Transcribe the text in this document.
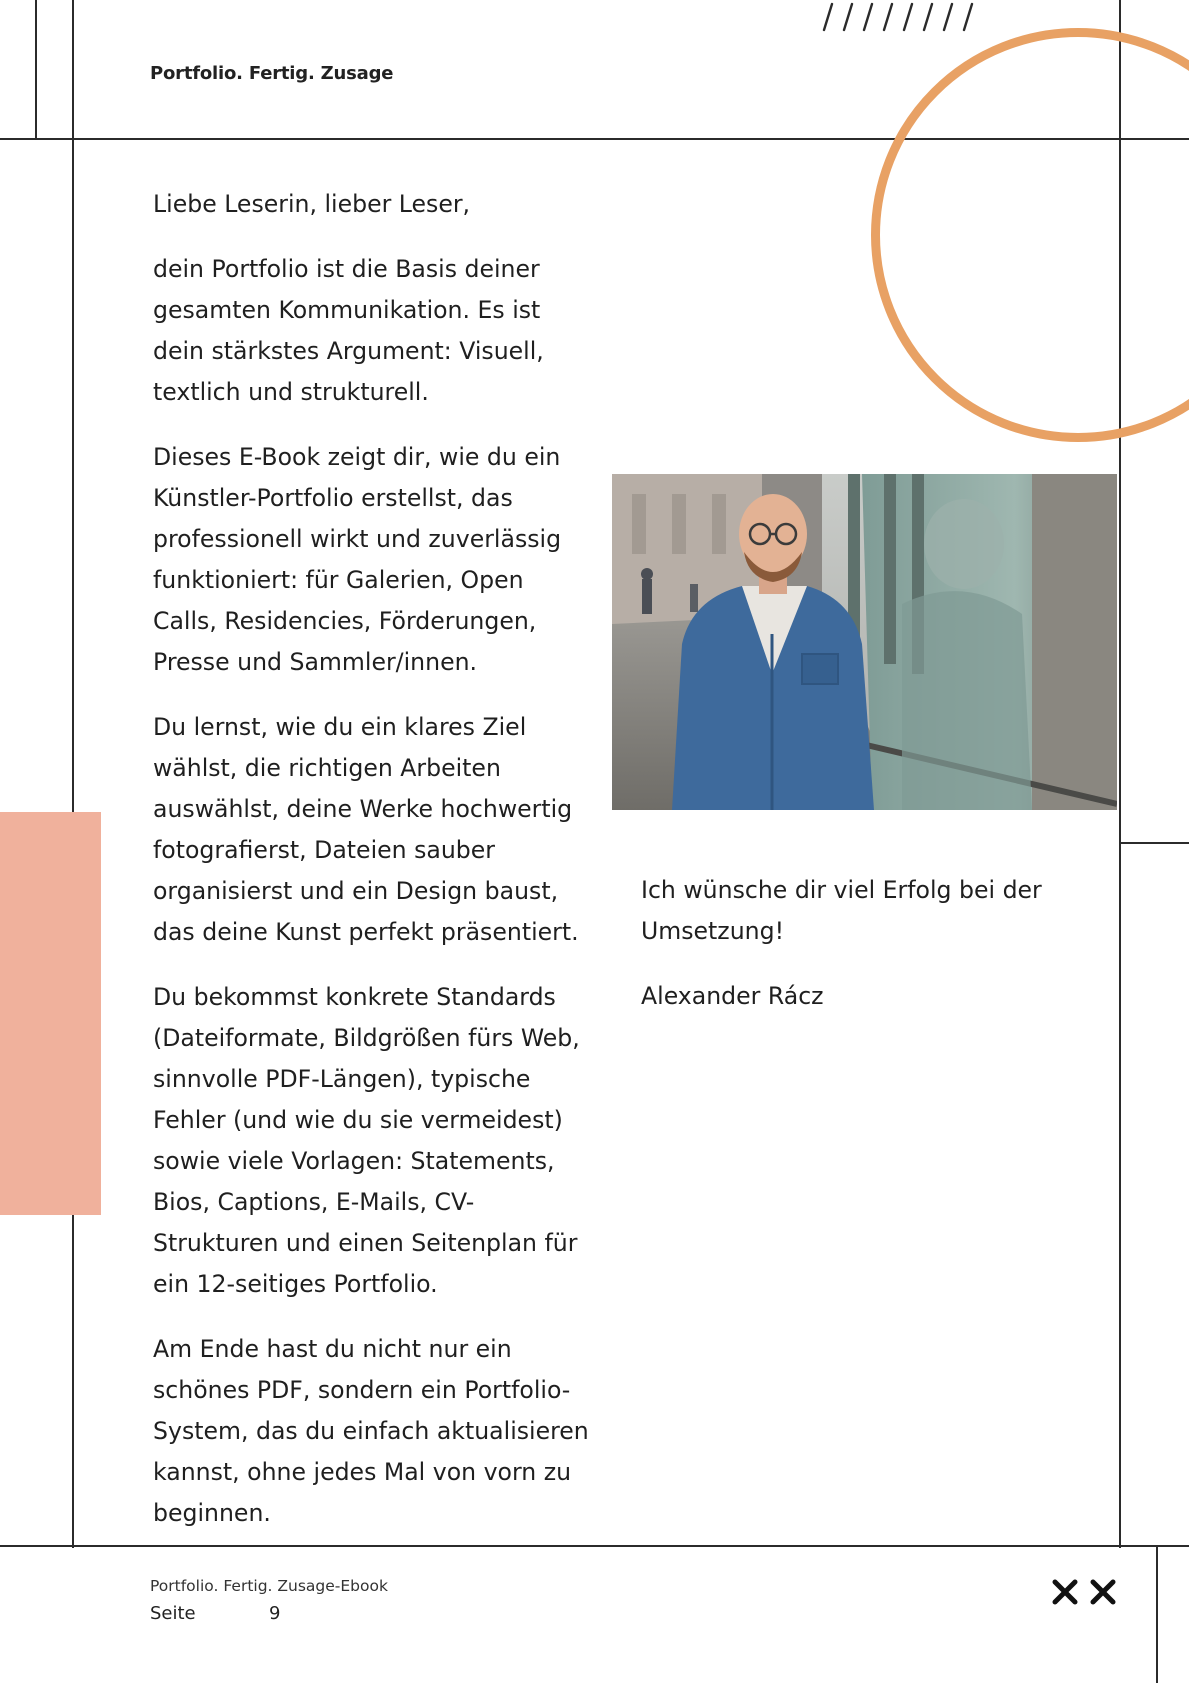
Portfolio. Fertig. Zusage

Liebe Leserin, lieber Leser,

dein Portfolio ist die Basis deiner gesamten Kommunikation. Es ist dein stärkstes Argument: Visuell, textlich und strukturell.

Dieses E-Book zeigt dir, wie du ein Künstler-Portfolio erstellst, das professionell wirkt und zuverlässig funktioniert: für Galerien, Open Calls, Residencies, Förderungen, Presse und Sammler/innen.

Du lernst, wie du ein klares Ziel wählst, die richtigen Arbeiten auswählst, deine Werke hochwertig fotografierst, Dateien sauber organisierst und ein Design baust, das deine Kunst perfekt präsentiert.

Du bekommst konkrete Standards (Dateiformate, Bildgrößen fürs Web, sinnvolle PDF-Längen), typische Fehler (und wie du sie vermeidest) sowie viele Vorlagen: Statements, Bios, Captions, E-Mails, CV-Strukturen und einen Seitenplan für ein 12-seitiges Portfolio.

Am Ende hast du nicht nur ein schönes PDF, sondern ein Portfolio-System, das du einfach aktualisieren kannst, ohne jedes Mal von vorn zu beginnen.

Ich wünsche dir viel Erfolg bei der Umsetzung!

Alexander Rácz

Portfolio. Fertig. Zusage-Ebook
Seite	9
